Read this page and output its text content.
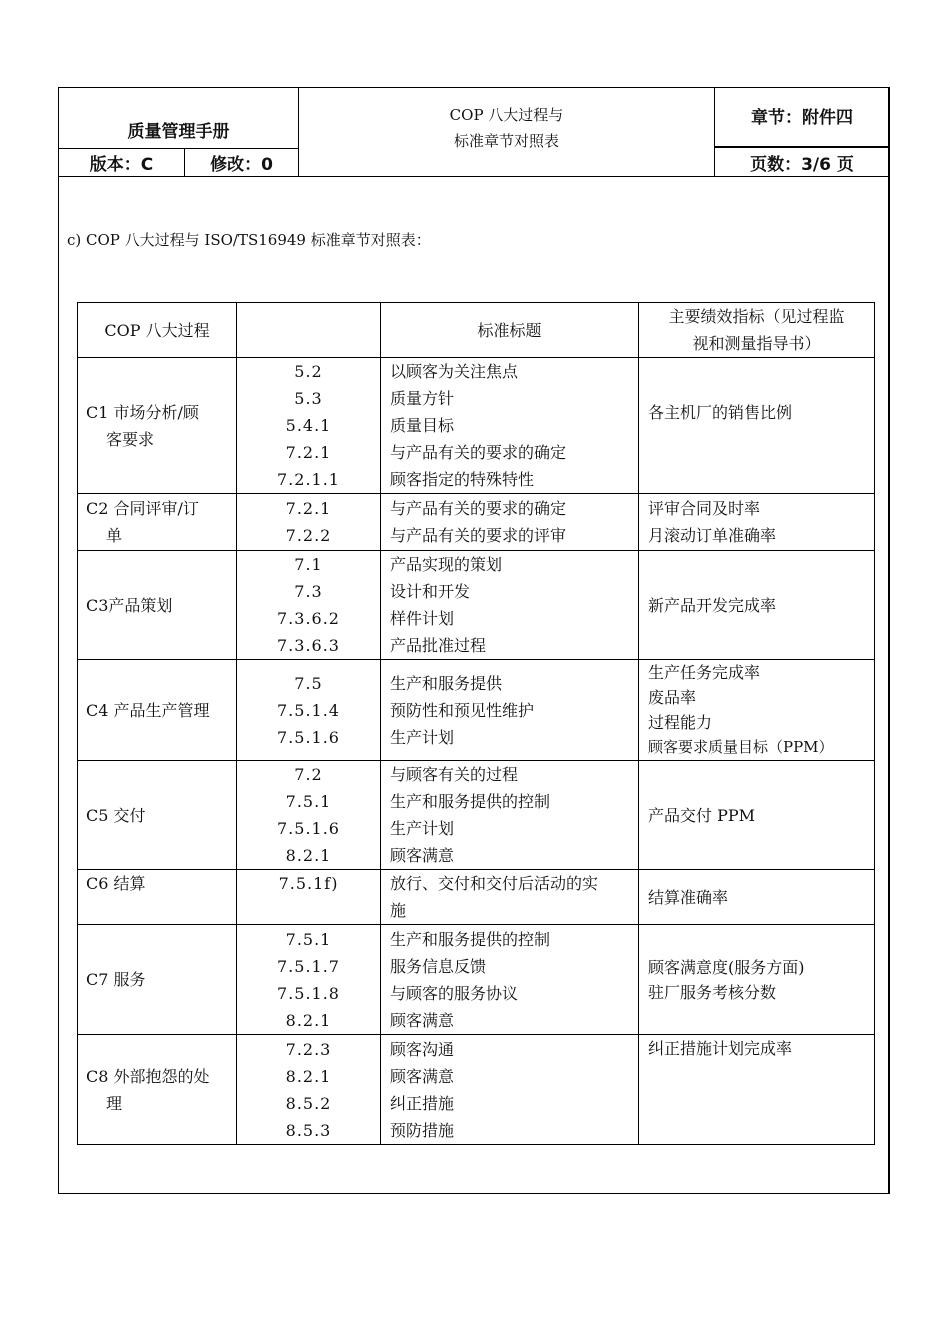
质量管理手册
版本：C	修改：0
COP 八大过程与
标准章节对照表
章节：附件四
页数：3/6 页
c) COP 八大过程与 ISO/TS16949 标准章节对照表：
COP 八大过程		标准标题	主要绩效指标（见过程监
视和测量指导书）

C1 市场分析/顾
客要求	5.2
5.3
5.4.1
7.2.1
7.2.1.1	以顾客为关注焦点
质量方针
质量目标
与产品有关的要求的确定
顾客指定的特殊特性	各主机厂的销售比例

C2 合同评审/订
单	7.2.1
7.2.2	与产品有关的要求的确定
与产品有关的要求的评审	评审合同及时率
月滚动订单准确率

C3产品策划	7.1
7.3
7.3.6.2
7.3.6.3	产品实现的策划
设计和开发
样件计划
产品批准过程	新产品开发完成率

C4 产品生产管理	7.5
7.5.1.4
7.5.1.6	生产和服务提供
预防性和预见性维护
生产计划	生产任务完成率
废品率
过程能力
顾客要求质量目标（PPM）

C5 交付	7.2
7.5.1
7.5.1.6
8.2.1	与顾客有关的过程
生产和服务提供的控制
生产计划
顾客满意	产品交付 PPM

C6 结算	7.5.1f)	放行、交付和交付后活动的实
施	结算准确率

C7 服务	7.5.1
7.5.1.7
7.5.1.8
8.2.1	生产和服务提供的控制
服务信息反馈
与顾客的服务协议
顾客满意	顾客满意度(服务方面)
驻厂服务考核分数

C8 外部抱怨的处
理	7.2.3
8.2.1
8.5.2
8.5.3	顾客沟通
顾客满意
纠正措施
预防措施	纠正措施计划完成率
